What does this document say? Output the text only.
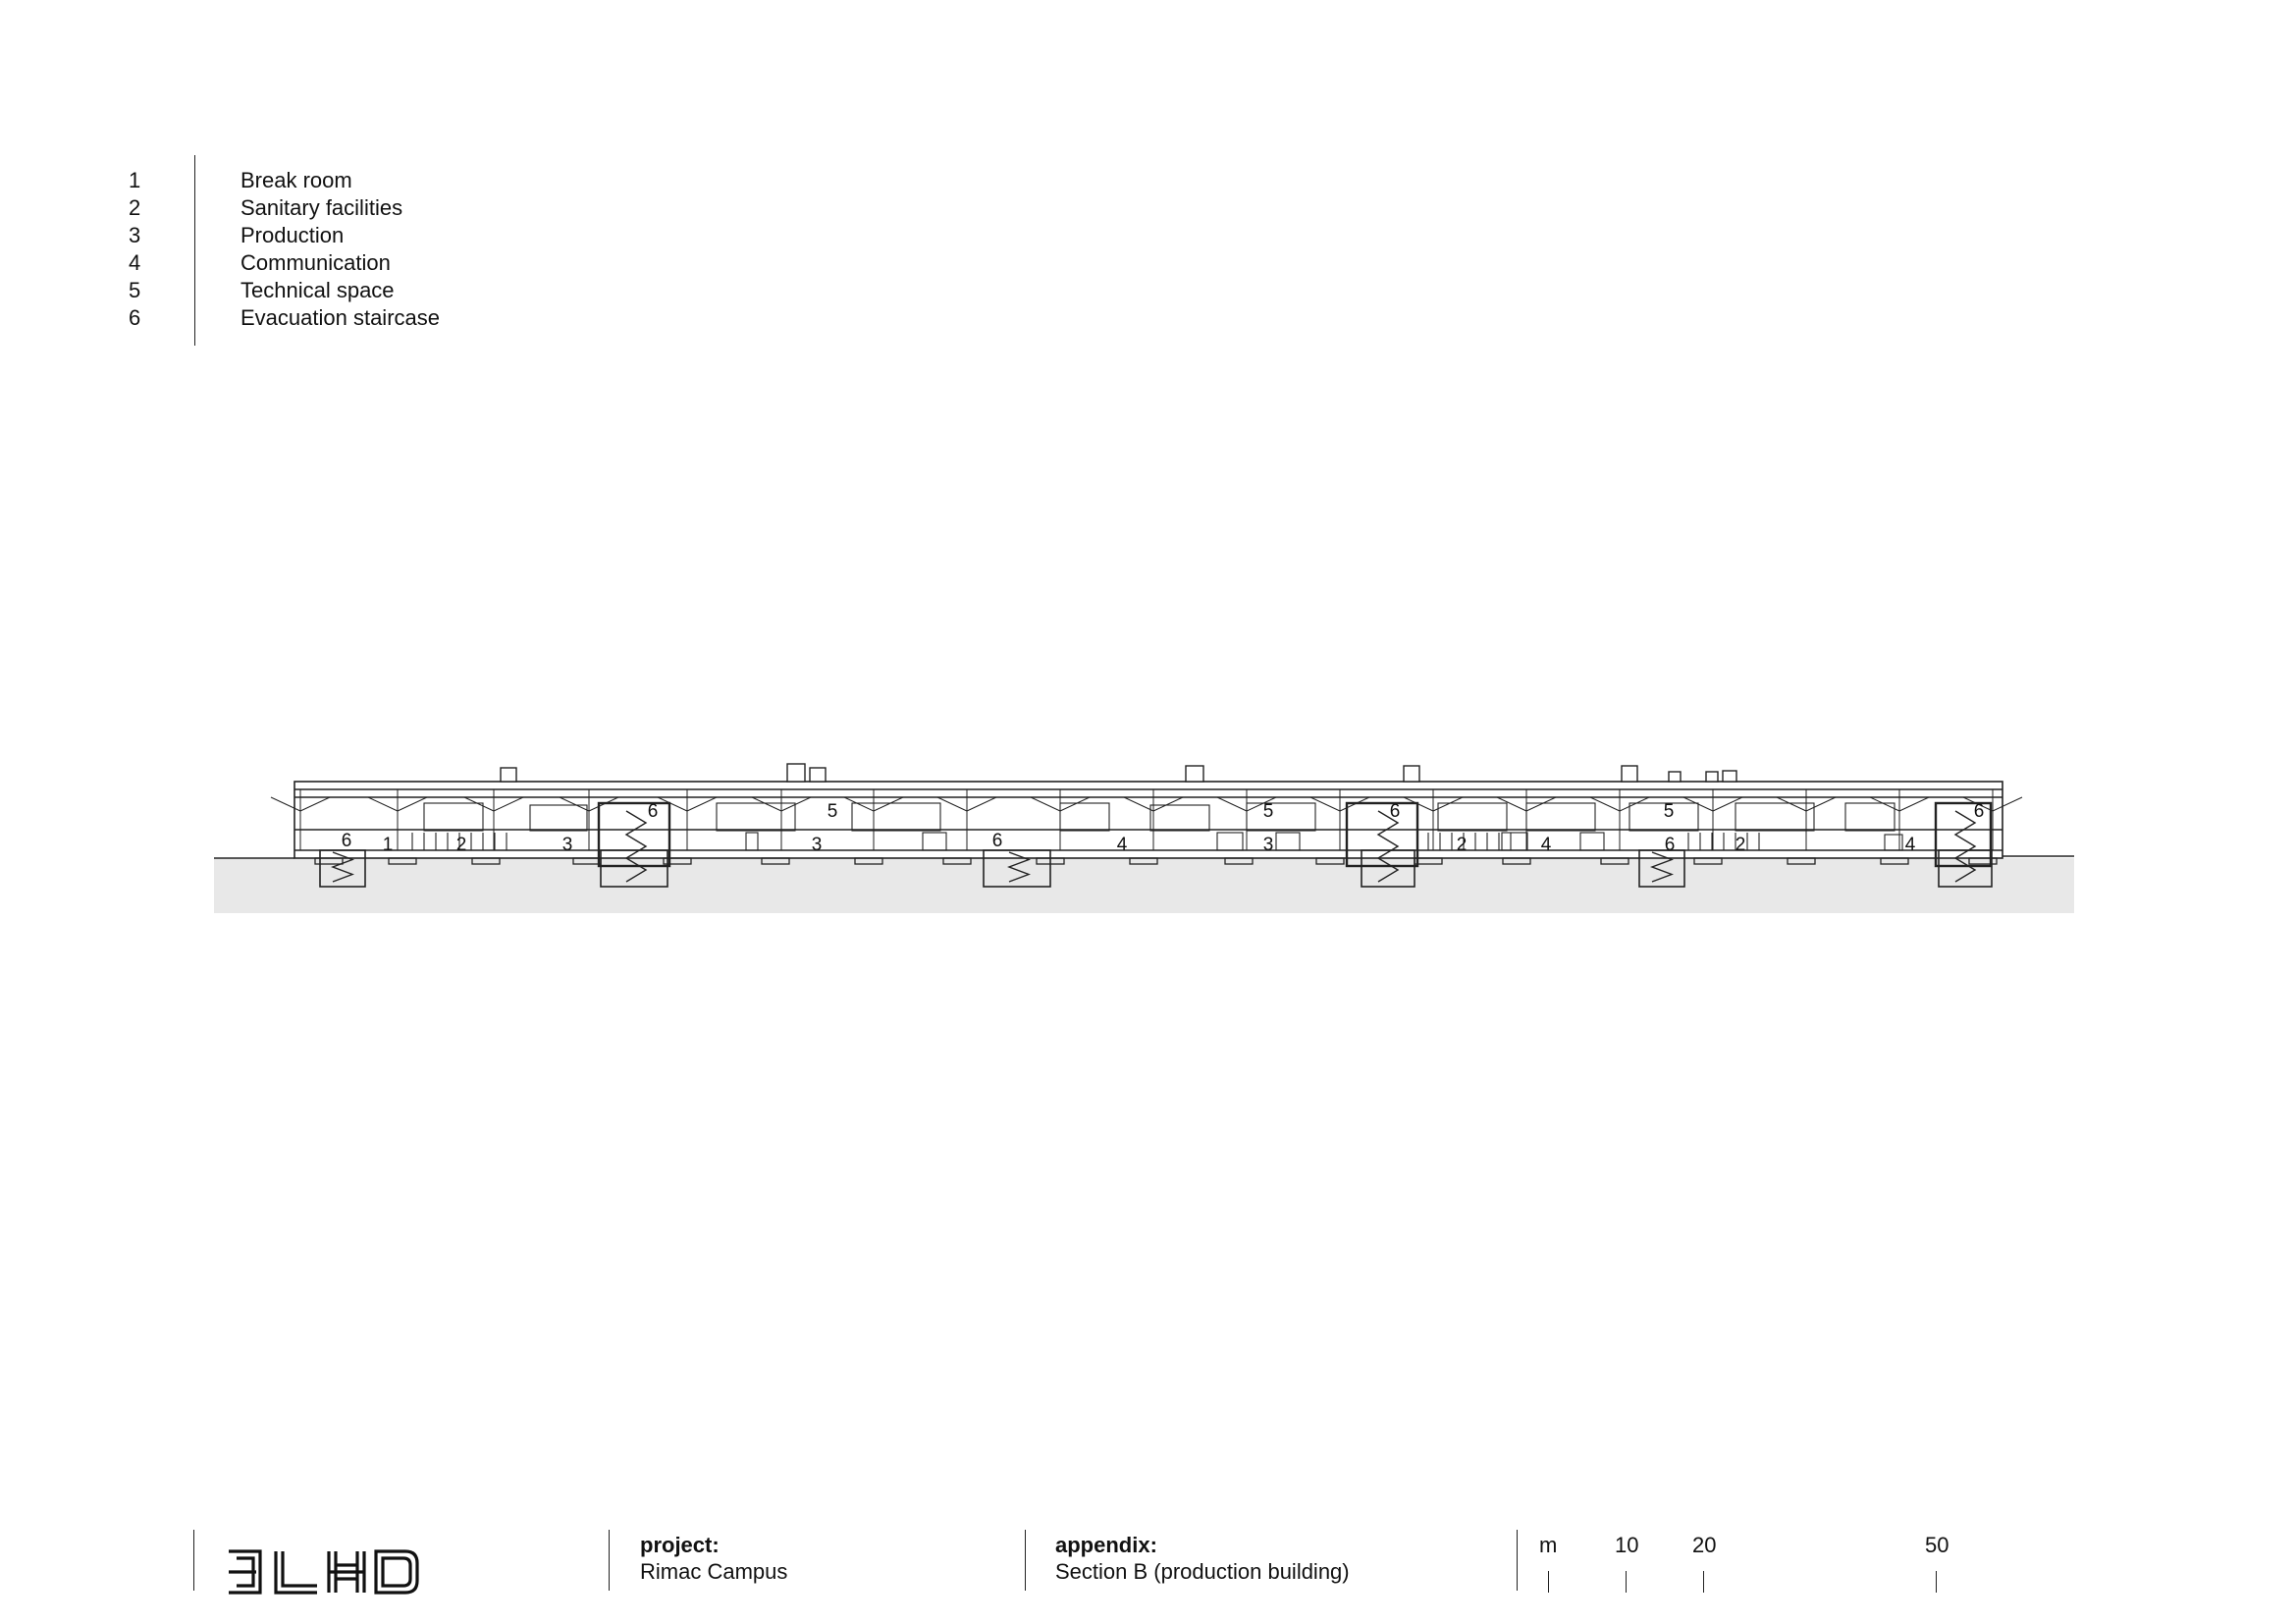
1	Break room
2	Sanitary facilities
3	Production
4	Communication
5	Technical space
6	Evacuation staircase
6 1	2	3
6	5
3	6	4
5
3
6
2	4
5
6	2	4
6
project:
Rimac Campus
appendix:
Section B (production building)
m	10 20	50
